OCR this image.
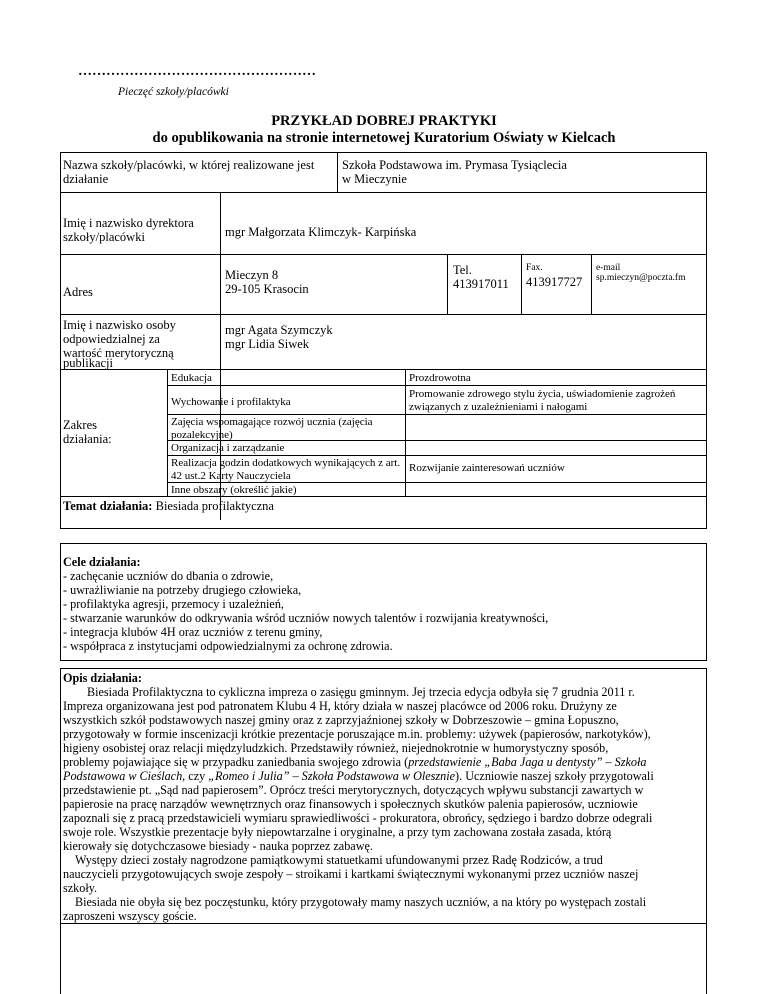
……………………………………………
Pieczęć szkoły/placówki
PRZYKŁAD DOBREJ PRAKTYKI
do opublikowania na stronie internetowej Kuratorium Oświaty w Kielcach
Nazwa szkoły/placówki, w której realizowane jest działanie
Szkoła Podstawowa im. Prymasa Tysiąclecia
w Mieczynie
Imię i nazwisko dyrektora
szkoły/placówki	mgr Małgorzata Klimczyk- Karpińska
Adres
Mieczyn 8
29-105 Krasocin
Tel.
413917011
Fax.
413917727
e-mail
sp.mieczyn@poczta.fm
Imię i nazwisko osoby
odpowiedzialnej za
wartość merytoryczną
publikacji
mgr Agata Szymczyk
mgr Lidia Siwek
Zakres
działania:
Edukacja	Prozdrowotna
Wychowanie i profilaktyka
Promowanie zdrowego stylu życia, uświadomienie zagrożeń związanych z uzależnieniami i nałogami
Zajęcia wspomagające rozwój ucznia (zajęcia pozalekcyjne)
Organizacja i zarządzanie
Realizacja godzin dodatkowych wynikających z art. 42 ust.2 Karty Nauczyciela
Rozwijanie zainteresowań uczniów
Inne obszary (określić jakie)
Temat działania: Biesiada profilaktyczna
Cele działania:
- zachęcanie uczniów do dbania o zdrowie,
- uwrażliwianie na potrzeby drugiego człowieka,
- profilaktyka agresji, przemocy i uzależnień,
- stwarzanie warunków do odkrywania wśród uczniów nowych talentów i rozwijania kreatywności,
- integracja klubów 4H oraz uczniów z terenu gminy,
- współpraca z instytucjami odpowiedzialnymi za ochronę zdrowia.
Opis działania:
Biesiada Profilaktyczna to cykliczna impreza o zasięgu gminnym. Jej trzecia edycja odbyła się 7 grudnia 2011 r.
Impreza organizowana jest pod patronatem Klubu 4 H, który działa w naszej placówce od 2006 roku. Drużyny ze
wszystkich szkół podstawowych naszej gminy oraz z zaprzyjaźnionej szkoły w Dobrzeszowie – gmina Łopuszno,
przygotowały w formie inscenizacji krótkie prezentacje poruszające m.in. problemy: używek (papierosów, narkotyków),
higieny osobistej oraz relacji międzyludzkich. Przedstawiły również, niejednokrotnie w humorystyczny sposób,
problemy pojawiające się w przypadku zaniedbania swojego zdrowia (przedstawienie „Baba Jaga u dentysty” – Szkoła
Podstawowa w Cieślach, czy „Romeo i Julia” – Szkoła Podstawowa w Olesznie). Uczniowie naszej szkoły przygotowali
przedstawienie pt. „Sąd nad papierosem”. Oprócz treści merytorycznych, dotyczących wpływu substancji zawartych w
papierosie na pracę narządów wewnętrznych oraz finansowych i społecznych skutków palenia papierosów, uczniowie
zapoznali się z pracą przedstawicieli wymiaru sprawiedliwości - prokuratora, obrońcy, sędziego i bardzo dobrze odegrali
swoje role. Wszystkie prezentacje były niepowtarzalne i oryginalne, a przy tym zachowana została zasada, którą
kierowały się dotychczasowe biesiady - nauka poprzez zabawę.
Występy dzieci zostały nagrodzone pamiątkowymi statuetkami ufundowanymi przez Radę Rodziców, a trud
nauczycieli przygotowujących swoje zespoły – stroikami i kartkami świątecznymi wykonanymi przez uczniów naszej
szkoły.
Biesiada nie obyła się bez poczęstunku, który przygotowały mamy naszych uczniów, a na który po występach zostali
zaproszeni wszyscy goście.
